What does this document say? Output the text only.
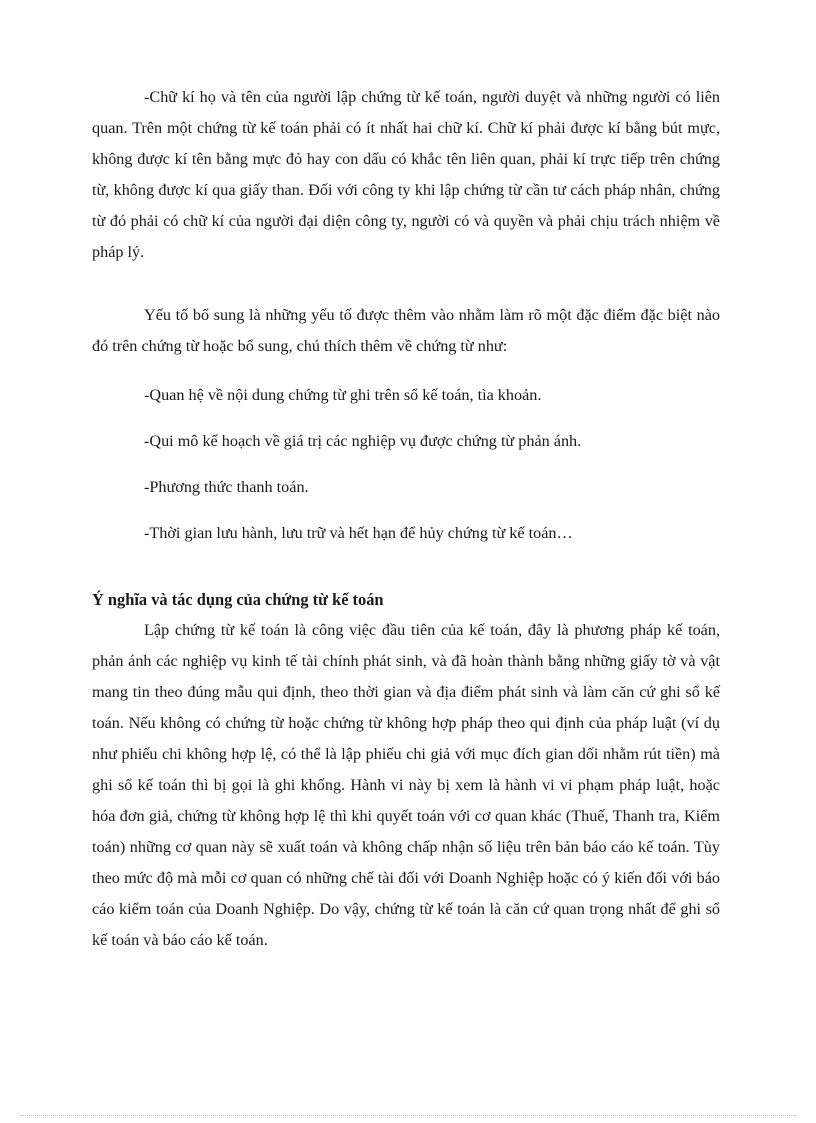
-Chữ kí họ và tên của người lập chứng từ kế toán, người duyệt và những người có liên quan. Trên một chứng từ kế toán phải có ít nhất hai chữ kí. Chữ kí phải được kí bằng bút mực, không được kí tên bằng mực đỏ hay con dấu có khắc tên liên quan, phải kí trực tiếp trên chứng từ, không được kí qua giấy than. Đối với công ty khi lập chứng từ cần tư cách pháp nhân, chứng từ đó phải có chữ kí của người đại diện công ty, người có và quyền và phải chịu trách nhiệm về pháp lý.

Yếu tố bổ sung là những yếu tố được thêm vào nhằm làm rõ một đặc điểm đặc biệt nào đó trên chứng từ hoặc bổ sung, chú thích thêm về chứng từ như:

-Quan hệ về nội dung chứng từ ghi trên sổ kế toán, tìa khoản.

-Qui mô kế hoạch về giá trị các nghiệp vụ được chứng từ phản ánh.

-Phương thức thanh toán.

-Thời gian lưu hành, lưu trữ và hết hạn để hủy chứng từ kế toán…

Ý nghĩa và tác dụng của chứng từ kế toán

Lập chứng từ kế toán là công việc đầu tiên của kế toán, đây là phương pháp kế toán, phản ánh các nghiệp vụ kinh tế tài chính phát sinh, và đã hoàn thành bằng những giấy tờ và vật mang tin theo đúng mẫu qui định, theo thời gian và địa điểm phát sinh và làm căn cứ ghi sổ kế toán. Nếu không có chứng từ hoặc chứng từ không hợp pháp theo qui định của pháp luật (ví dụ như phiếu chi không hợp lệ, có thể là lập phiếu chi giả với mục đích gian dối nhằm rút tiền) mà ghi sổ kế toán thì bị gọi là ghi khống. Hành vi này bị xem là hành vi vi phạm pháp luật, hoặc hóa đơn giả, chứng từ không hợp lệ thì khi quyết toán với cơ quan khác (Thuế, Thanh tra, Kiểm toán) những cơ quan này sẽ xuất toán và không chấp nhận số liệu trên bản báo cáo kế toán. Tùy theo mức độ mà mỗi cơ quan có những chế tài đối với Doanh Nghiệp hoặc có ý kiến đối với báo cáo kiểm toán của Doanh Nghiệp. Do vậy, chứng từ kế toán là căn cứ quan trọng nhất để ghi sổ kế toán và báo cáo kế toán.
